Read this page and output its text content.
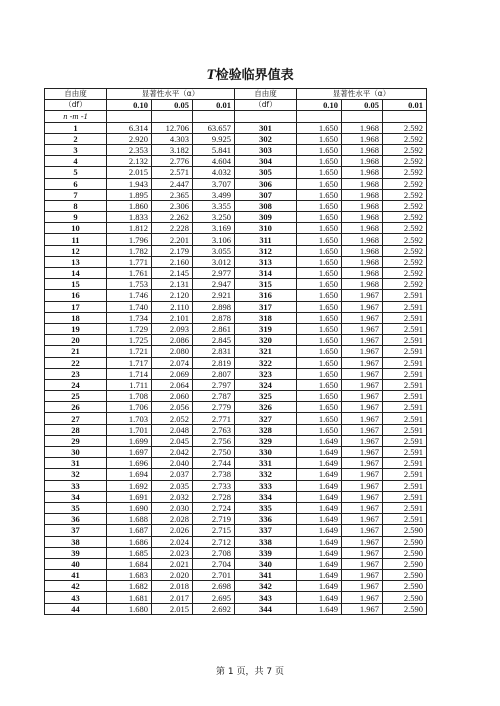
T检验临界值表
自由度	显著性水平（α）			自由度	显著性水平（α）		
（df）	0.10	0.05	0.01	（df）	0.10	0.05	0.01
n -m -1							
1	6.314	12.706	63.657	301	1.650	1.968	2.592
2	2.920	4.303	9.925	302	1.650	1.968	2.592
3	2.353	3.182	5.841	303	1.650	1.968	2.592
4	2.132	2.776	4.604	304	1.650	1.968	2.592
5	2.015	2.571	4.032	305	1.650	1.968	2.592
6	1.943	2.447	3.707	306	1.650	1.968	2.592
7	1.895	2.365	3.499	307	1.650	1.968	2.592
8	1.860	2.306	3.355	308	1.650	1.968	2.592
9	1.833	2.262	3.250	309	1.650	1.968	2.592
10	1.812	2.228	3.169	310	1.650	1.968	2.592
11	1.796	2.201	3.106	311	1.650	1.968	2.592
12	1.782	2.179	3.055	312	1.650	1.968	2.592
13	1.771	2.160	3.012	313	1.650	1.968	2.592
14	1.761	2.145	2.977	314	1.650	1.968	2.592
15	1.753	2.131	2.947	315	1.650	1.968	2.592
16	1.746	2.120	2.921	316	1.650	1.967	2.591
17	1.740	2.110	2.898	317	1.650	1.967	2.591
18	1.734	2.101	2.878	318	1.650	1.967	2.591
19	1.729	2.093	2.861	319	1.650	1.967	2.591
20	1.725	2.086	2.845	320	1.650	1.967	2.591
21	1.721	2.080	2.831	321	1.650	1.967	2.591
22	1.717	2.074	2.819	322	1.650	1.967	2.591
23	1.714	2.069	2.807	323	1.650	1.967	2.591
24	1.711	2.064	2.797	324	1.650	1.967	2.591
25	1.708	2.060	2.787	325	1.650	1.967	2.591
26	1.706	2.056	2.779	326	1.650	1.967	2.591
27	1.703	2.052	2.771	327	1.650	1.967	2.591
28	1.701	2.048	2.763	328	1.650	1.967	2.591
29	1.699	2.045	2.756	329	1.649	1.967	2.591
30	1.697	2.042	2.750	330	1.649	1.967	2.591
31	1.696	2.040	2.744	331	1.649	1.967	2.591
32	1.694	2.037	2.738	332	1.649	1.967	2.591
33	1.692	2.035	2.733	333	1.649	1.967	2.591
34	1.691	2.032	2.728	334	1.649	1.967	2.591
35	1.690	2.030	2.724	335	1.649	1.967	2.591
36	1.688	2.028	2.719	336	1.649	1.967	2.591
37	1.687	2.026	2.715	337	1.649	1.967	2.590
38	1.686	2.024	2.712	338	1.649	1.967	2.590
39	1.685	2.023	2.708	339	1.649	1.967	2.590
40	1.684	2.021	2.704	340	1.649	1.967	2.590
41	1.683	2.020	2.701	341	1.649	1.967	2.590
42	1.682	2.018	2.698	342	1.649	1.967	2.590
43	1.681	2.017	2.695	343	1.649	1.967	2.590
44	1.680	2.015	2.692	344	1.649	1.967	2.590
第 1 页，共 7 页
